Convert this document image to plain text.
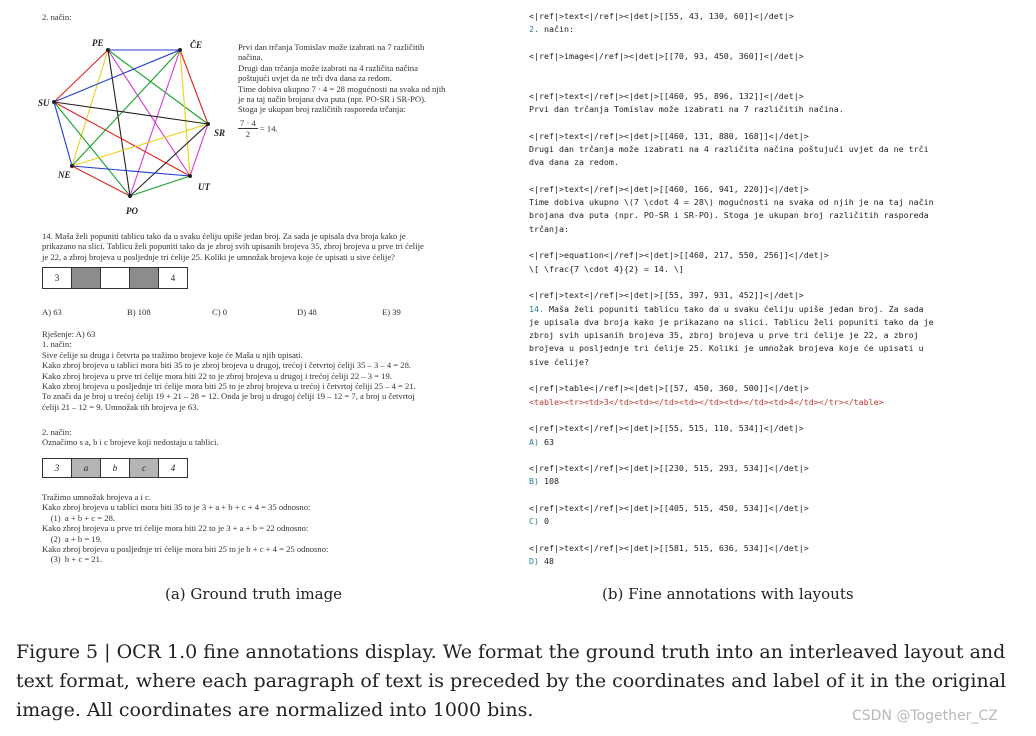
2. način:
PE	ČE
SU
SR
NE
UT
PO

Prvi dan trčanja Tomislav može izabrati na 7 različitih

načina.

Drugi dan trčanja može izabrati na 4 različita načina

poštujući uvjet da ne trči dva dana za redom.

Time dobiva ukupno 7 · 4 = 28 mogućnosti na svaka od njih

je na taj način brojana dva puta (npr. PO-SR i SR-PO).

Stoga je ukupan broj različitih rasporeda trčanja:

$\frac{7 \cdot 4}{2} = 14$.

14. Maša želi popuniti tablicu tako da u svaku ćeliju upiše jedan broj. Za sada je upisala dva broja kako je

prikazano na slici. Tablicu želi popuniti tako da je zbroj svih upisanih brojeva 35, zbroj brojeva u prve tri ćelije

je 22, a zbroj brojeva u posljednje tri ćelije 25. Koliki je umnožak brojeva koje će upisati u sive ćelije?

3				4
A) 63	B) 108	C) 0	D) 48	E) 39

Rješenje: A) 63

1. način:

Sive ćelije su druga i četvrta pa tražimo brojeve koje će Maša u njih upisati.

Kako zbroj brojeva u tablici mora biti 35 to je zbroj brojeva u drugoj, trećoj i četvrtoj ćeliji 35 – 3 – 4 = 28.

Kako zbroj brojeva u prve tri ćelije mora biti 22 to je zbroj brojeva u drugoj i trećoj ćeliji 22 – 3 = 19.

Kako zbroj brojeva u posljednje tri ćelije mora biti 25 to je zbroj brojeva u trećoj i četvrtoj ćeliji 25 – 4 = 21.

To znači da je broj u trećoj ćeliji 19 + 21 – 28 = 12. Onda je broj u drugoj ćeliji 19 – 12 = 7, a broj u četvrtoj

ćeliji 21 – 12 = 9. Umnožak tih brojeva je 63.

2. način:

Označimo s a, b i c brojeve koji nedostaju u tablici.

3	a	b	c	4

Tražimo umnožak brojeva a i c.

Kako zbroj brojeva u tablici mora biti 35 to je 3 + a + b + c + 4 = 35 odnosno:

(1)  a + b + c = 28.

Kako zbroj brojeva u prve tri ćelije mora biti 22 to je 3 + a + b = 22 odnosno:

(2)  a + b = 19.

Kako zbroj brojeva u posljednje tri ćelije mora biti 25 to je b + c + 4 = 25 odnosno:

(3)  b + c = 21.

<|ref|>text<|/ref|><|det|>[[55, 43, 130, 60]]<|/det|>
2. način:
<|ref|>image<|/ref|><|det|>[[70, 93, 450, 360]]<|/det|>
<|ref|>text<|/ref|><|det|>[[460, 95, 896, 132]]<|/det|>
Prvi dan trčanja Tomislav može izabrati na 7 različitih načina.
<|ref|>text<|/ref|><|det|>[[460, 131, 880, 168]]<|/det|>
Drugi dan trčanja može izabrati na 4 različita načina poštujući uvjet da ne trči
dva dana za redom.
<|ref|>text<|/ref|><|det|>[[460, 166, 941, 220]]<|/det|>
Time dobiva ukupno \(7 \cdot 4 = 28\) mogućnosti na svaka od njih je na taj način
brojana dva puta (npr. PO-SR i SR-PO). Stoga je ukupan broj različitih rasporeda
trčanja:
<|ref|>equation<|/ref|><|det|>[[460, 217, 550, 256]]<|/det|>
\[ \frac{7 \cdot 4}{2} = 14. \]
<|ref|>text<|/ref|><|det|>[[55, 397, 931, 452]]<|/det|>
14. Maša želi popuniti tablicu tako da u svaku ćeliju upiše jedan broj. Za sada
je upisala dva broja kako je prikazano na slici. Tablicu želi popuniti tako da je
zbroj svih upisanih brojeva 35, zbroj brojeva u prve tri ćelije je 22, a zbroj
brojeva u posljednje tri ćelije 25. Koliki je umnožak brojeva koje će upisati u
sive ćelije?
<|ref|>table<|/ref|><|det|>[[57, 450, 360, 500]]<|/det|>
<table><tr><td>3</td><td></td><td></td><td></td><td>4</td></tr></table>
<|ref|>text<|/ref|><|det|>[[55, 515, 110, 534]]<|/det|>
A) 63
<|ref|>text<|/ref|><|det|>[[230, 515, 293, 534]]<|/det|>
B) 108
<|ref|>text<|/ref|><|det|>[[405, 515, 450, 534]]<|/det|>
C) 0
<|ref|>text<|/ref|><|det|>[[581, 515, 636, 534]]<|/det|>
D) 48
(a) Ground truth image	(b) Fine annotations with layouts
Figure 5 | OCR 1.0 fine annotations display. We format the ground truth into an interleaved layout and text format, where each paragraph of text is preceded by the coordinates and label of it in the original image. All coordinates are normalized into 1000 bins.	CSDN @Together_CZ
